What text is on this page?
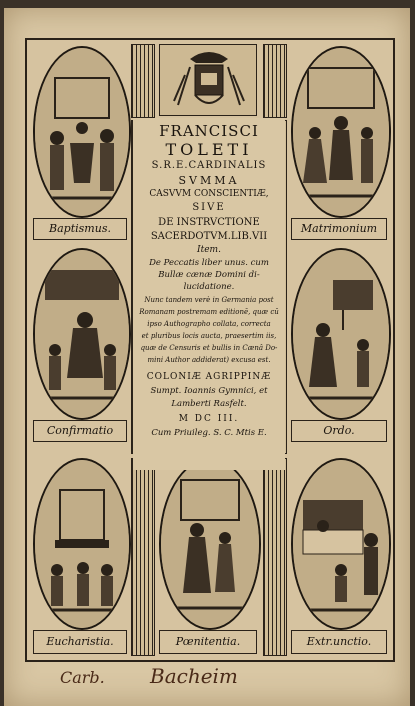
Baptismus.
Confirmatio
Eucharistia.
Matrimonium
Ordo.
Extr.unctio.
Pœnitentia.
FRANCISCI
TOLETI
S.R.E.CARDINALIS
SVMMA
CASVVM CONSCIENTIÆ,
SIVE
DE INSTRVCTIONE
SACERDOTVM.LIB.VII
Item.
De Peccatis liber unus. cum
Bullæ cænæ Domini di-
lucidatione.
Nunc tandem verè in Germania post
Romanam postremam editionē, quæ cū
ipso Authographo collata, correcta
et pluribus locis aucta, praesertim iis,
quæ de Censuris et bullis in Cænâ Do-
mini Author addiderat) excusa est.
COLONIÆ AGRIPPINÆ
Sumpt. Ioannis Gymnici, et
Lamberti Rasfelt.
M DC III.
Cum Priuileg. S. C. Mtis E.
Carb. Bacheim
